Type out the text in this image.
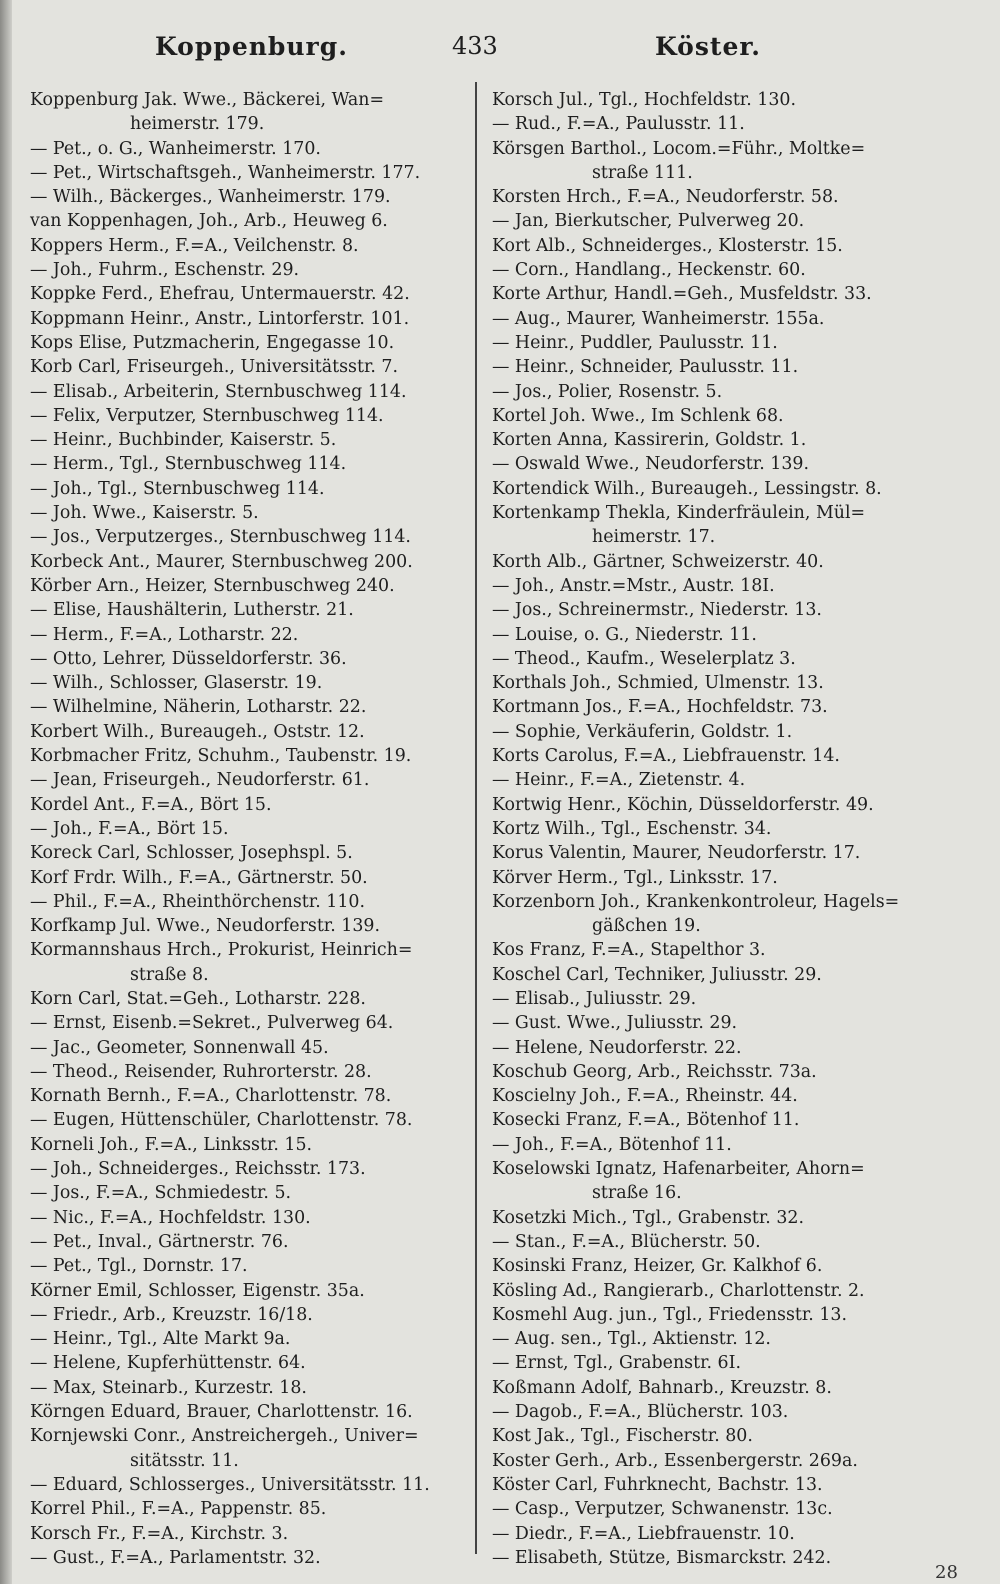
Koppenburg.	433	Köster.
Koppenburg Jak. Wwe., Bäckerei, Wan=
heimerstr. 179.
— Pet., o. G., Wanheimerstr. 170.
— Pet., Wirtschaftsgeh., Wanheimerstr. 177.
— Wilh., Bäckerges., Wanheimerstr. 179.
van Koppenhagen, Joh., Arb., Heuweg 6.
Koppers Herm., F.=A., Veilchenstr. 8.
— Joh., Fuhrm., Eschenstr. 29.
Koppke Ferd., Ehefrau, Untermauerstr. 42.
Koppmann Heinr., Anstr., Lintorferstr. 101.
Kops Elise, Putzmacherin, Engegasse 10.
Korb Carl, Friseurgeh., Universitätsstr. 7.
— Elisab., Arbeiterin, Sternbuschweg 114.
— Felix, Verputzer, Sternbuschweg 114.
— Heinr., Buchbinder, Kaiserstr. 5.
— Herm., Tgl., Sternbuschweg 114.
— Joh., Tgl., Sternbuschweg 114.
— Joh. Wwe., Kaiserstr. 5.
— Jos., Verputzerges., Sternbuschweg 114.
Korbeck Ant., Maurer, Sternbuschweg 200.
Körber Arn., Heizer, Sternbuschweg 240.
— Elise, Haushälterin, Lutherstr. 21.
— Herm., F.=A., Lotharstr. 22.
— Otto, Lehrer, Düsseldorferstr. 36.
— Wilh., Schlosser, Glaserstr. 19.
— Wilhelmine, Näherin, Lotharstr. 22.
Korbert Wilh., Bureaugeh., Oststr. 12.
Korbmacher Fritz, Schuhm., Taubenstr. 19.
— Jean, Friseurgeh., Neudorferstr. 61.
Kordel Ant., F.=A., Bört 15.
— Joh., F.=A., Bört 15.
Koreck Carl, Schlosser, Josephspl. 5.
Korf Frdr. Wilh., F.=A., Gärtnerstr. 50.
— Phil., F.=A., Rheinthörchenstr. 110.
Korfkamp Jul. Wwe., Neudorferstr. 139.
Kormannshaus Hrch., Prokurist, Heinrich=
straße 8.
Korn Carl, Stat.=Geh., Lotharstr. 228.
— Ernst, Eisenb.=Sekret., Pulverweg 64.
— Jac., Geometer, Sonnenwall 45.
— Theod., Reisender, Ruhrorterstr. 28.
Kornath Bernh., F.=A., Charlottenstr. 78.
— Eugen, Hüttenschüler, Charlottenstr. 78.
Korneli Joh., F.=A., Linksstr. 15.
— Joh., Schneiderges., Reichsstr. 173.
— Jos., F.=A., Schmiedestr. 5.
— Nic., F.=A., Hochfeldstr. 130.
— Pet., Inval., Gärtnerstr. 76.
— Pet., Tgl., Dornstr. 17.
Körner Emil, Schlosser, Eigenstr. 35a.
— Friedr., Arb., Kreuzstr. 16/18.
— Heinr., Tgl., Alte Markt 9a.
— Helene, Kupferhüttenstr. 64.
— Max, Steinarb., Kurzestr. 18.
Körngen Eduard, Brauer, Charlottenstr. 16.
Kornjewski Conr., Anstreichergeh., Univer=
sitätsstr. 11.
— Eduard, Schlosserges., Universitätsstr. 11.
Korrel Phil., F.=A., Pappenstr. 85.
Korsch Fr., F.=A., Kirchstr. 3.
— Gust., F.=A., Parlamentstr. 32.
Korsch Jul., Tgl., Hochfeldstr. 130.
— Rud., F.=A., Paulusstr. 11.
Körsgen Barthol., Locom.=Führ., Moltke=
straße 111.
Korsten Hrch., F.=A., Neudorferstr. 58.
— Jan, Bierkutscher, Pulverweg 20.
Kort Alb., Schneiderges., Klosterstr. 15.
— Corn., Handlang., Heckenstr. 60.
Korte Arthur, Handl.=Geh., Musfeldstr. 33.
— Aug., Maurer, Wanheimerstr. 155a.
— Heinr., Puddler, Paulusstr. 11.
— Heinr., Schneider, Paulusstr. 11.
— Jos., Polier, Rosenstr. 5.
Kortel Joh. Wwe., Im Schlenk 68.
Korten Anna, Kassirerin, Goldstr. 1.
— Oswald Wwe., Neudorferstr. 139.
Kortendick Wilh., Bureaugeh., Lessingstr. 8.
Kortenkamp Thekla, Kinderfräulein, Mül=
heimerstr. 17.
Korth Alb., Gärtner, Schweizerstr. 40.
— Joh., Anstr.=Mstr., Austr. 18I.
— Jos., Schreinermstr., Niederstr. 13.
— Louise, o. G., Niederstr. 11.
— Theod., Kaufm., Weselerplatz 3.
Korthals Joh., Schmied, Ulmenstr. 13.
Kortmann Jos., F.=A., Hochfeldstr. 73.
— Sophie, Verkäuferin, Goldstr. 1.
Korts Carolus, F.=A., Liebfrauenstr. 14.
— Heinr., F.=A., Zietenstr. 4.
Kortwig Henr., Köchin, Düsseldorferstr. 49.
Kortz Wilh., Tgl., Eschenstr. 34.
Korus Valentin, Maurer, Neudorferstr. 17.
Körver Herm., Tgl., Linksstr. 17.
Korzenborn Joh., Krankenkontroleur, Hagels=
gäßchen 19.
Kos Franz, F.=A., Stapelthor 3.
Koschel Carl, Techniker, Juliusstr. 29.
— Elisab., Juliusstr. 29.
— Gust. Wwe., Juliusstr. 29.
— Helene, Neudorferstr. 22.
Koschub Georg, Arb., Reichsstr. 73a.
Koscielny Joh., F.=A., Rheinstr. 44.
Kosecki Franz, F.=A., Bötenhof 11.
— Joh., F.=A., Bötenhof 11.
Koselowski Ignatz, Hafenarbeiter, Ahorn=
straße 16.
Kosetzki Mich., Tgl., Grabenstr. 32.
— Stan., F.=A., Blücherstr. 50.
Kosinski Franz, Heizer, Gr. Kalkhof 6.
Kösling Ad., Rangierarb., Charlottenstr. 2.
Kosmehl Aug. jun., Tgl., Friedensstr. 13.
— Aug. sen., Tgl., Aktienstr. 12.
— Ernst, Tgl., Grabenstr. 6I.
Koßmann Adolf, Bahnarb., Kreuzstr. 8.
— Dagob., F.=A., Blücherstr. 103.
Kost Jak., Tgl., Fischerstr. 80.
Koster Gerh., Arb., Essenbergerstr. 269a.
Köster Carl, Fuhrknecht, Bachstr. 13.
— Casp., Verputzer, Schwanenstr. 13c.
— Diedr., F.=A., Liebfrauenstr. 10.
— Elisabeth, Stütze, Bismarckstr. 242.
28
